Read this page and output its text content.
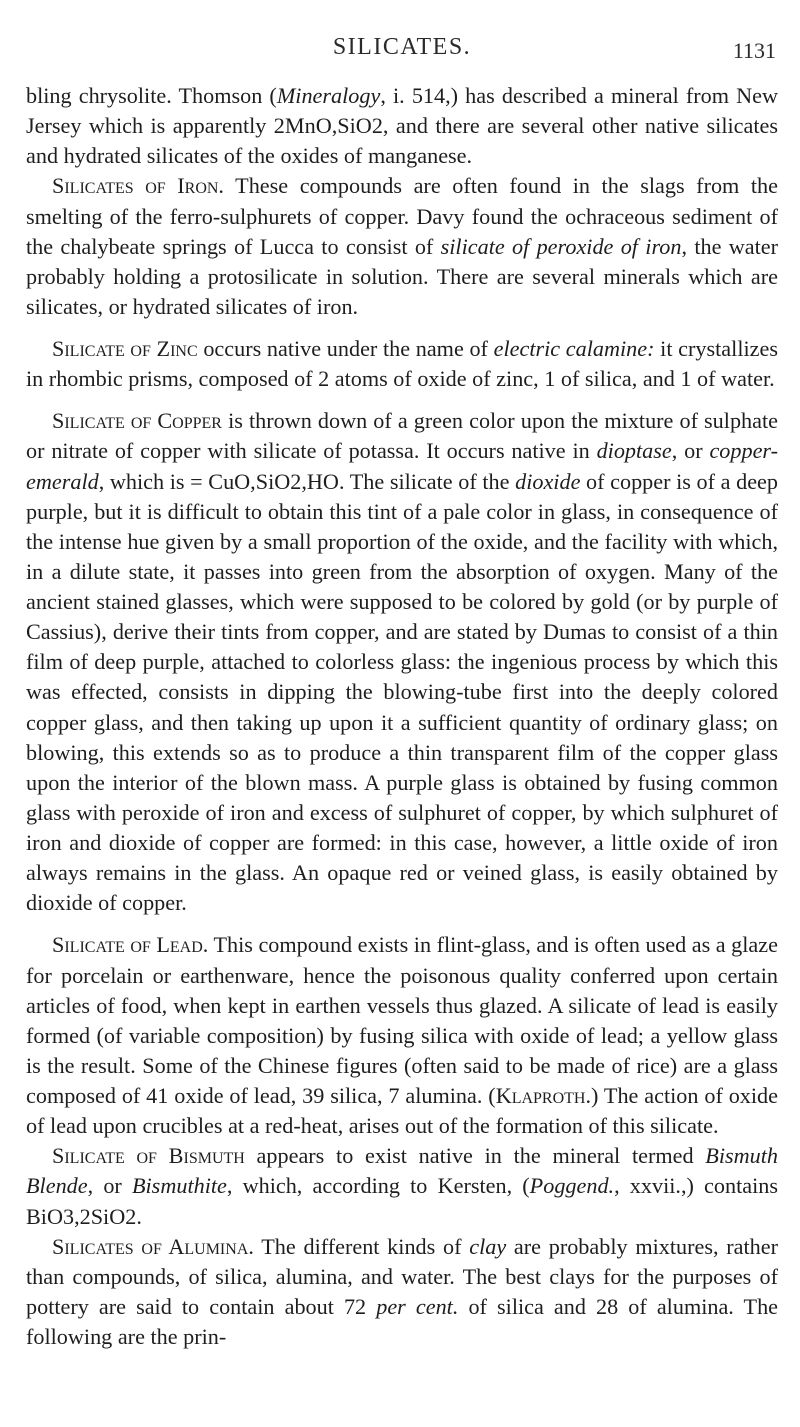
SILICATES.	1131

bling chrysolite. Thomson (Mineralogy, i. 514,) has described a mineral from New Jersey which is apparently 2MnO,SiO2, and there are several other native silicates and hydrated silicates of the oxides of manganese.

Silicates of Iron. These compounds are often found in the slags from the smelting of the ferro-sulphurets of copper. Davy found the ochraceous sediment of the chalybeate springs of Lucca to consist of silicate of peroxide of iron, the water probably holding a protosilicate in solution. There are several minerals which are silicates, or hydrated silicates of iron.

Silicate of Zinc occurs native under the name of electric calamine: it crystallizes in rhombic prisms, composed of 2 atoms of oxide of zinc, 1 of silica, and 1 of water.

Silicate of Copper is thrown down of a green color upon the mixture of sulphate or nitrate of copper with silicate of potassa. It occurs native in dioptase, or copper-emerald, which is = CuO,SiO2,HO. The silicate of the dioxide of copper is of a deep purple, but it is difficult to obtain this tint of a pale color in glass, in consequence of the intense hue given by a small proportion of the oxide, and the facility with which, in a dilute state, it passes into green from the absorption of oxygen. Many of the ancient stained glasses, which were supposed to be colored by gold (or by purple of Cassius), derive their tints from copper, and are stated by Dumas to consist of a thin film of deep purple, attached to colorless glass: the ingenious process by which this was effected, consists in dipping the blowing-tube first into the deeply colored copper glass, and then taking up upon it a sufficient quantity of ordinary glass; on blowing, this extends so as to produce a thin transparent film of the copper glass upon the interior of the blown mass. A purple glass is obtained by fusing common glass with peroxide of iron and excess of sulphuret of copper, by which sulphuret of iron and dioxide of copper are formed: in this case, however, a little oxide of iron always remains in the glass. An opaque red or veined glass, is easily obtained by dioxide of copper.

Silicate of Lead. This compound exists in flint-glass, and is often used as a glaze for porcelain or earthenware, hence the poisonous quality conferred upon certain articles of food, when kept in earthen vessels thus glazed. A silicate of lead is easily formed (of variable composition) by fusing silica with oxide of lead; a yellow glass is the result. Some of the Chinese figures (often said to be made of rice) are a glass composed of 41 oxide of lead, 39 silica, 7 alumina. (Klaproth.) The action of oxide of lead upon crucibles at a red-heat, arises out of the formation of this silicate.

Silicate of Bismuth appears to exist native in the mineral termed Bismuth Blende, or Bismuthite, which, according to Kersten, (Poggend., xxvii.,) contains BiO3,2SiO2.

Silicates of Alumina. The different kinds of clay are probably mixtures, rather than compounds, of silica, alumina, and water. The best clays for the purposes of pottery are said to contain about 72 per cent. of silica and 28 of alumina. The following are the prin-
